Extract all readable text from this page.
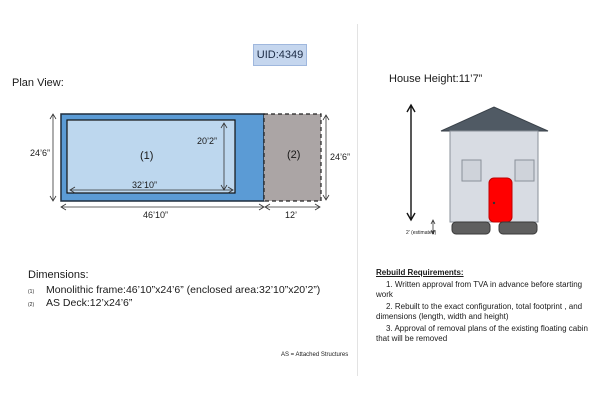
UID:4349
Plan View:	House Height:11’7”
(1)	(2)
24’6”
20’2”
32’10”
46’10”	12’
24’6”
2’ (estimated)
Dimensions:
(1)	Monolithic frame:46’10”x24’6” (enclosed area:32’10”x20’2”)
(2)	AS Deck:12’x24’6”
Rebuild Requirements:
1. Written approval from TVA in advance before starting work
2. Rebuilt to the exact configuration, total footprint , and dimensions (length, width and height)
3. Approval of removal plans of the existing floating cabin that will be removed
AS = Attached Structures
